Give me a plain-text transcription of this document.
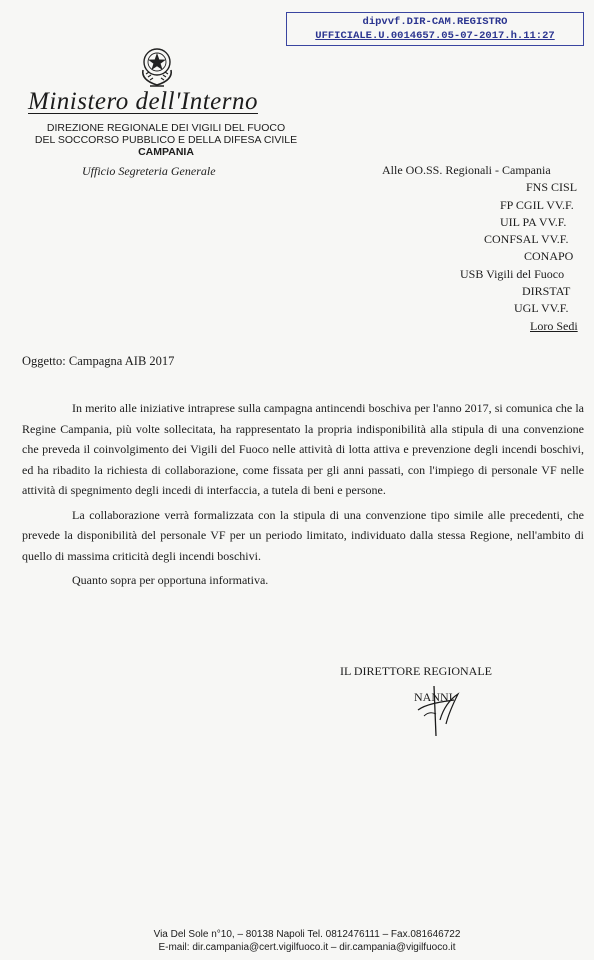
dipvvf.DIR-CAM.REGISTRO
UFFICIALE.U.0014657.05-07-2017.h.11:27
Ministero dell'Interno
DIREZIONE REGIONALE DEI VIGILI DEL FUOCO
DEL SOCCORSO PUBBLICO E DELLA DIFESA CIVILE
CAMPANIA
Ufficio Segreteria Generale	Alle OO.SS. Regionali - Campania
FNS CISL
FP CGIL VV.F.
UIL PA VV.F.
CONFSAL VV.F.
CONAPO
USB Vigili del Fuoco
DIRSTAT
UGL VV.F.
Loro Sedi
Oggetto: Campagna AIB 2017

In merito alle iniziative intraprese sulla campagna antincendi boschiva per l'anno 2017, si comunica che la Regine Campania, più volte sollecitata, ha rappresentato la propria indisponibilità alla stipula di una convenzione che preveda il coinvolgimento dei Vigili del Fuoco nelle attività di lotta attiva e prevenzione degli incendi boschivi, ed ha ribadito la richiesta di collaborazione, come fissata per gli anni passati, con l'impiego di personale VF nelle attività di spegnimento degli incedi di interfaccia, a tutela di beni e persone.

La collaborazione verrà formalizzata con la stipula di una convenzione tipo simile alle precedenti, che prevede la disponibilità del personale VF per un periodo limitato, individuato dalla stessa Regione, nell'ambito di quello di massima criticità degli incendi boschivi.

Quanto sopra per opportuna informativa.

IL DIRETTORE REGIONALE
NANNI
Via Del Sole n°10, – 80138 Napoli Tel. 0812476111 – Fax.081646722
E-mail: dir.campania@cert.vigilfuoco.it – dir.campania@vigilfuoco.it
